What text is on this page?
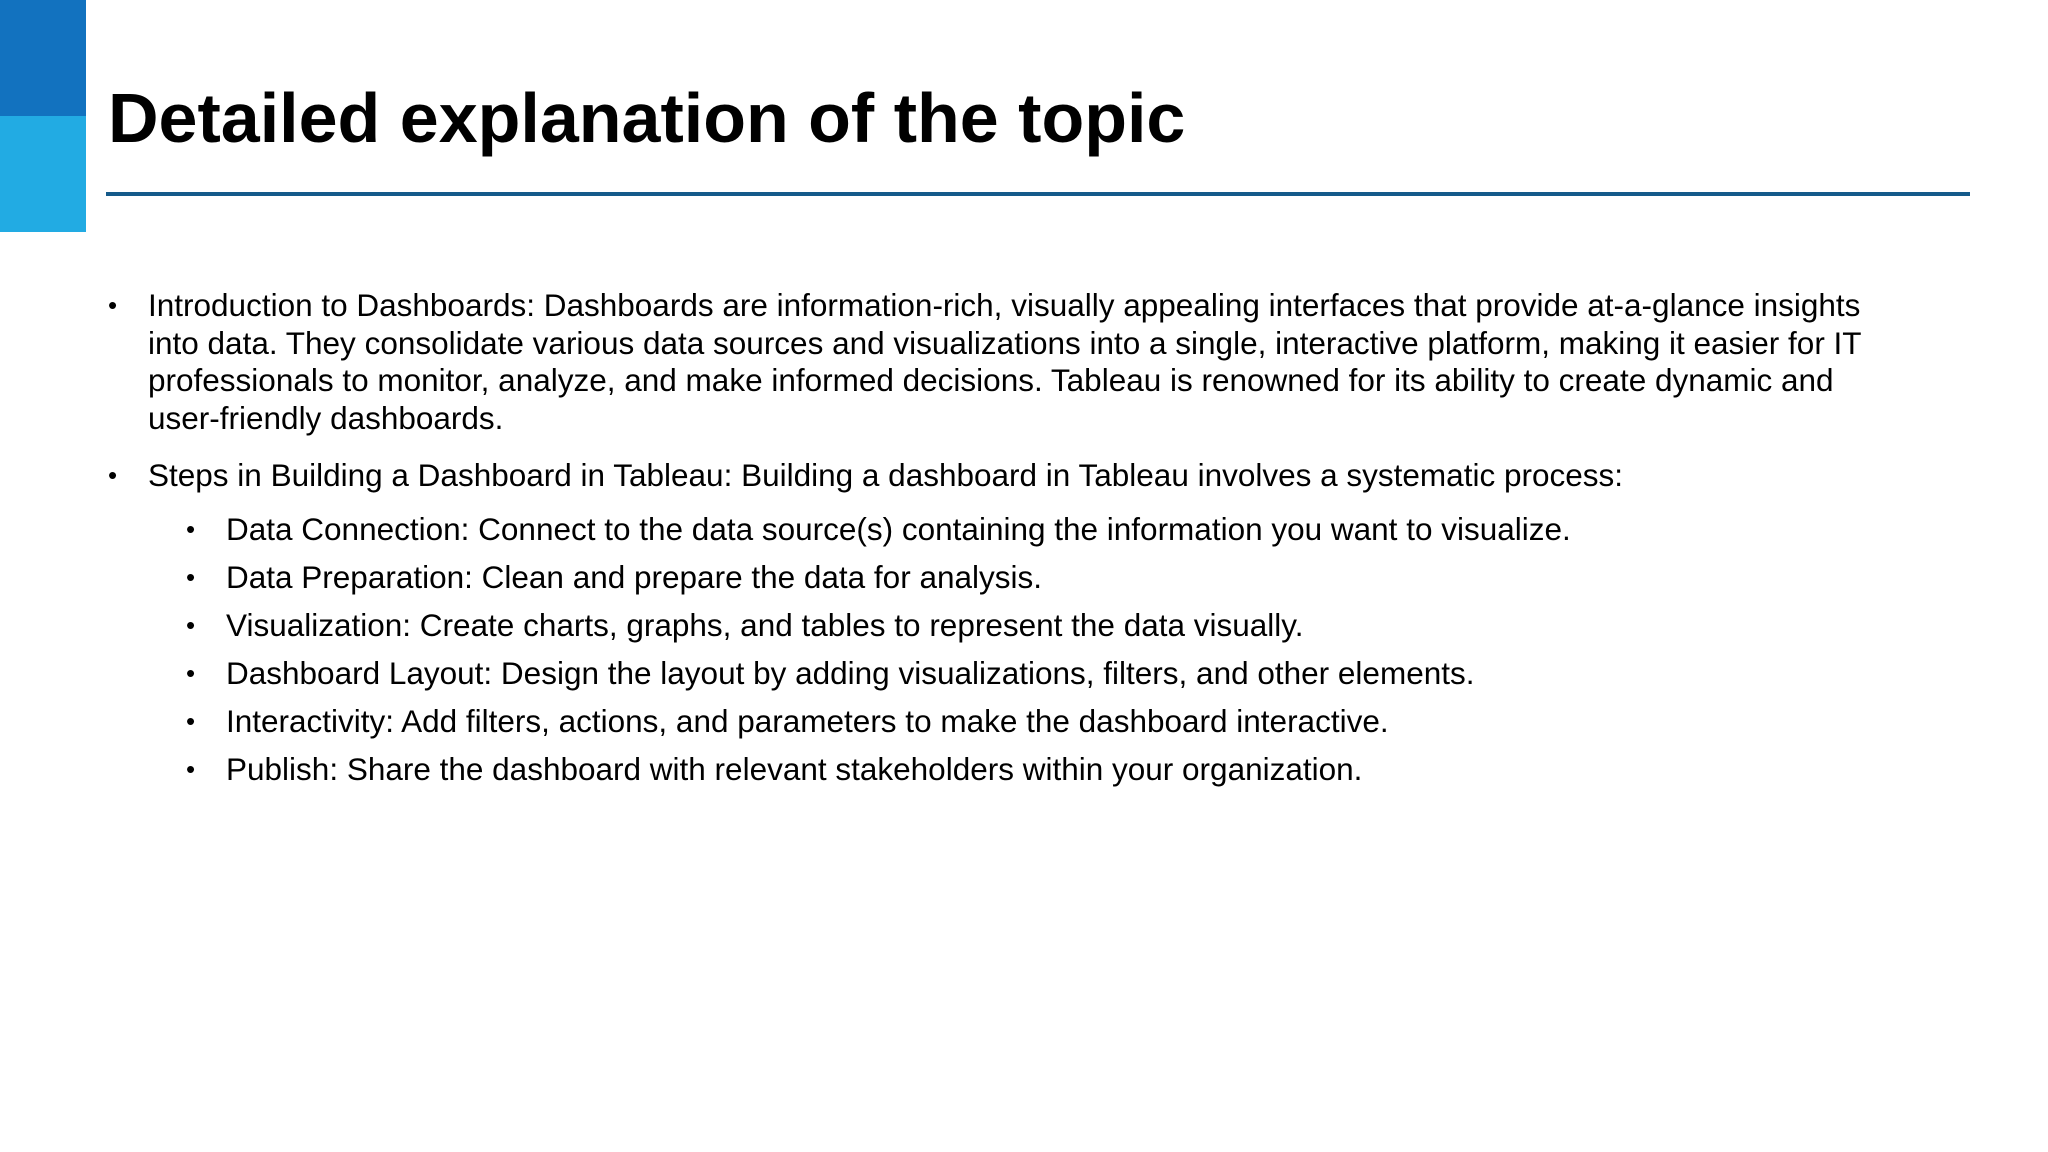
Detailed explanation of the topic
• Introduction to Dashboards: Dashboards are information-rich, visually appealing interfaces that provide at-a-glance insights into data. They consolidate various data sources and visualizations into a single, interactive platform, making it easier for IT professionals to monitor, analyze, and make informed decisions. Tableau is renowned for its ability to create dynamic and user-friendly dashboards.
• Steps in Building a Dashboard in Tableau: Building a dashboard in Tableau involves a systematic process:
• Data Connection: Connect to the data source(s) containing the information you want to visualize.
• Data Preparation: Clean and prepare the data for analysis.
• Visualization: Create charts, graphs, and tables to represent the data visually.
• Dashboard Layout: Design the layout by adding visualizations, filters, and other elements.
• Interactivity: Add filters, actions, and parameters to make the dashboard interactive.
• Publish: Share the dashboard with relevant stakeholders within your organization.
